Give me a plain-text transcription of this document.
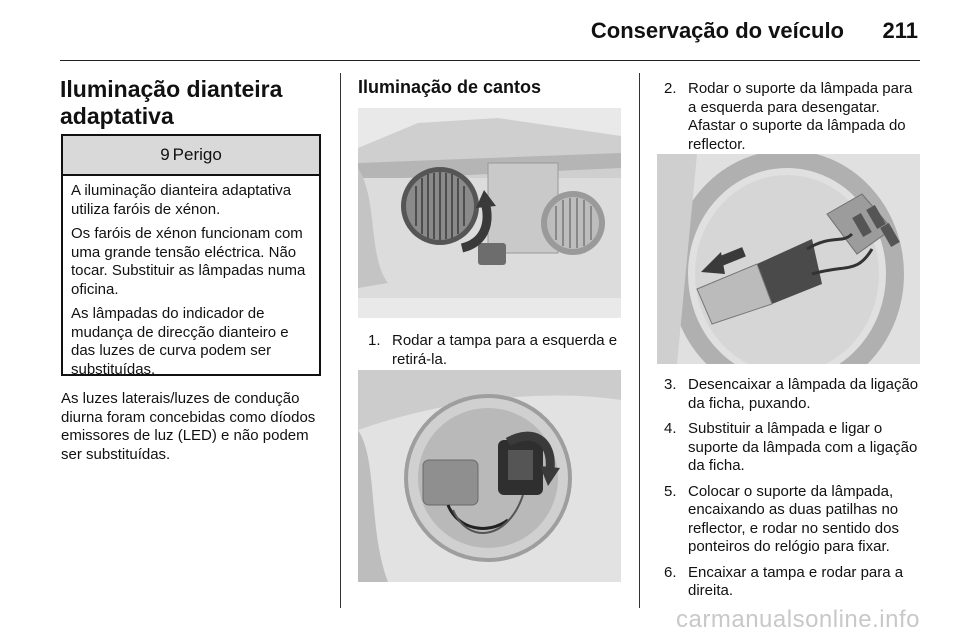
Conservação do veículo 211
Iluminação dianteira
adaptativa
9 Perigo

A iluminação dianteira adaptativa utiliza faróis de xénon.

Os faróis de xénon funcionam com uma grande tensão eléctrica. Não tocar. Substituir as lâmpadas numa oficina.

As lâmpadas do indicador de mudança de direcção dianteiro e das luzes de curva podem ser substituídas.

As luzes laterais/luzes de condução diurna foram concebidas como díodos emissores de luz (LED) e não podem ser substituídas.

Iluminação de cantos
1. Rodar a tampa para a esquerda e retirá-la.
2. Rodar o suporte da lâmpada para a esquerda para desengatar. Afastar o suporte da lâmpada do reflector.
3. Desencaixar a lâmpada da ligação da ficha, puxando.
4. Substituir a lâmpada e ligar o suporte da lâmpada com a ligação da ficha.
5. Colocar o suporte da lâmpada, encaixando as duas patilhas no reflector, e rodar no sentido dos ponteiros do relógio para fixar.
6. Encaixar a tampa e rodar para a direita.
carmanualsonline.info
